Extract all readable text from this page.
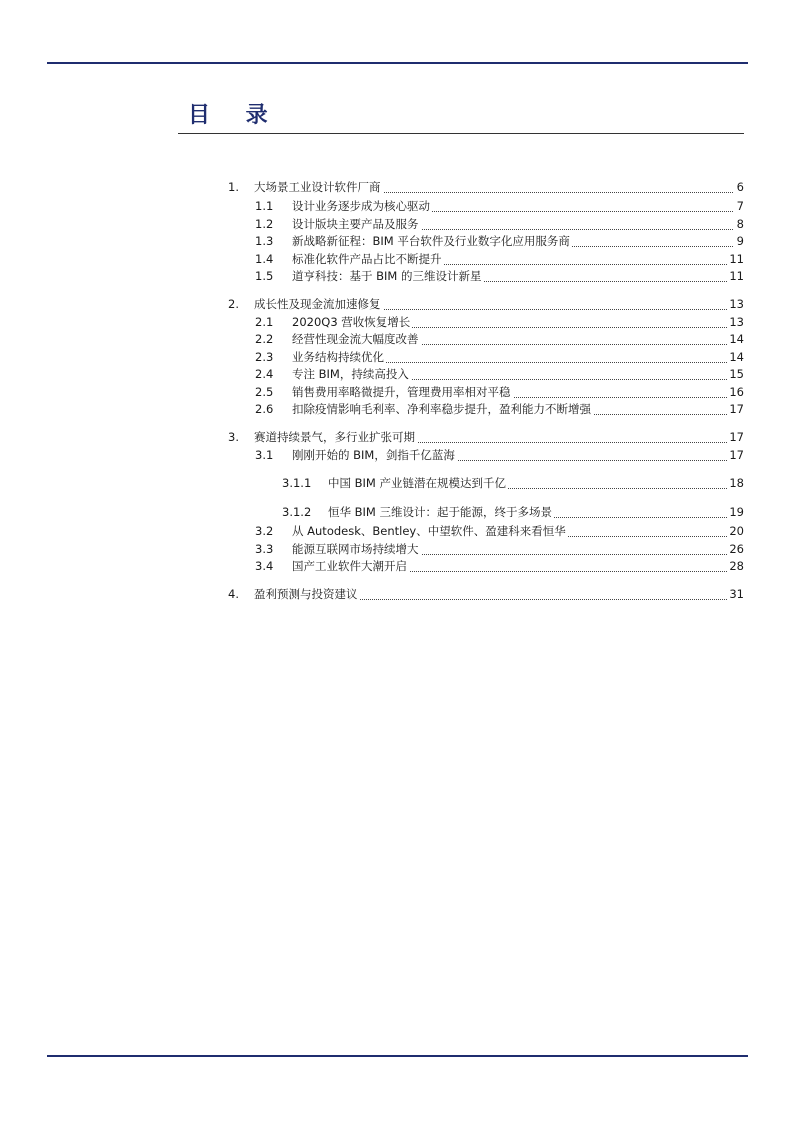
目 录
1. 大场景工业设计软件厂商	6
1.1 设计业务逐步成为核心驱动	7
1.2 设计版块主要产品及服务	8
1.3 新战略新征程：BIM 平台软件及行业数字化应用服务商	9
1.4 标准化软件产品占比不断提升	11
1.5 道亨科技：基于 BIM 的三维设计新星	11
2. 成长性及现金流加速修复	13
2.1 2020Q3 营收恢复增长	13
2.2 经营性现金流大幅度改善	14
2.3 业务结构持续优化	14
2.4 专注 BIM，持续高投入	15
2.5 销售费用率略微提升，管理费用率相对平稳	16
2.6 扣除疫情影响毛利率、净利率稳步提升，盈利能力不断增强	17
3. 赛道持续景气，多行业扩张可期	17
3.1 刚刚开始的 BIM，剑指千亿蓝海	17
3.1.1 中国 BIM 产业链潜在规模达到千亿	18
3.1.2 恒华 BIM 三维设计：起于能源，终于多场景	19
3.2 从 Autodesk、Bentley、中望软件、盈建科来看恒华	20
3.3 能源互联网市场持续增大	26
3.4 国产工业软件大潮开启	28
4. 盈利预测与投资建议	31
